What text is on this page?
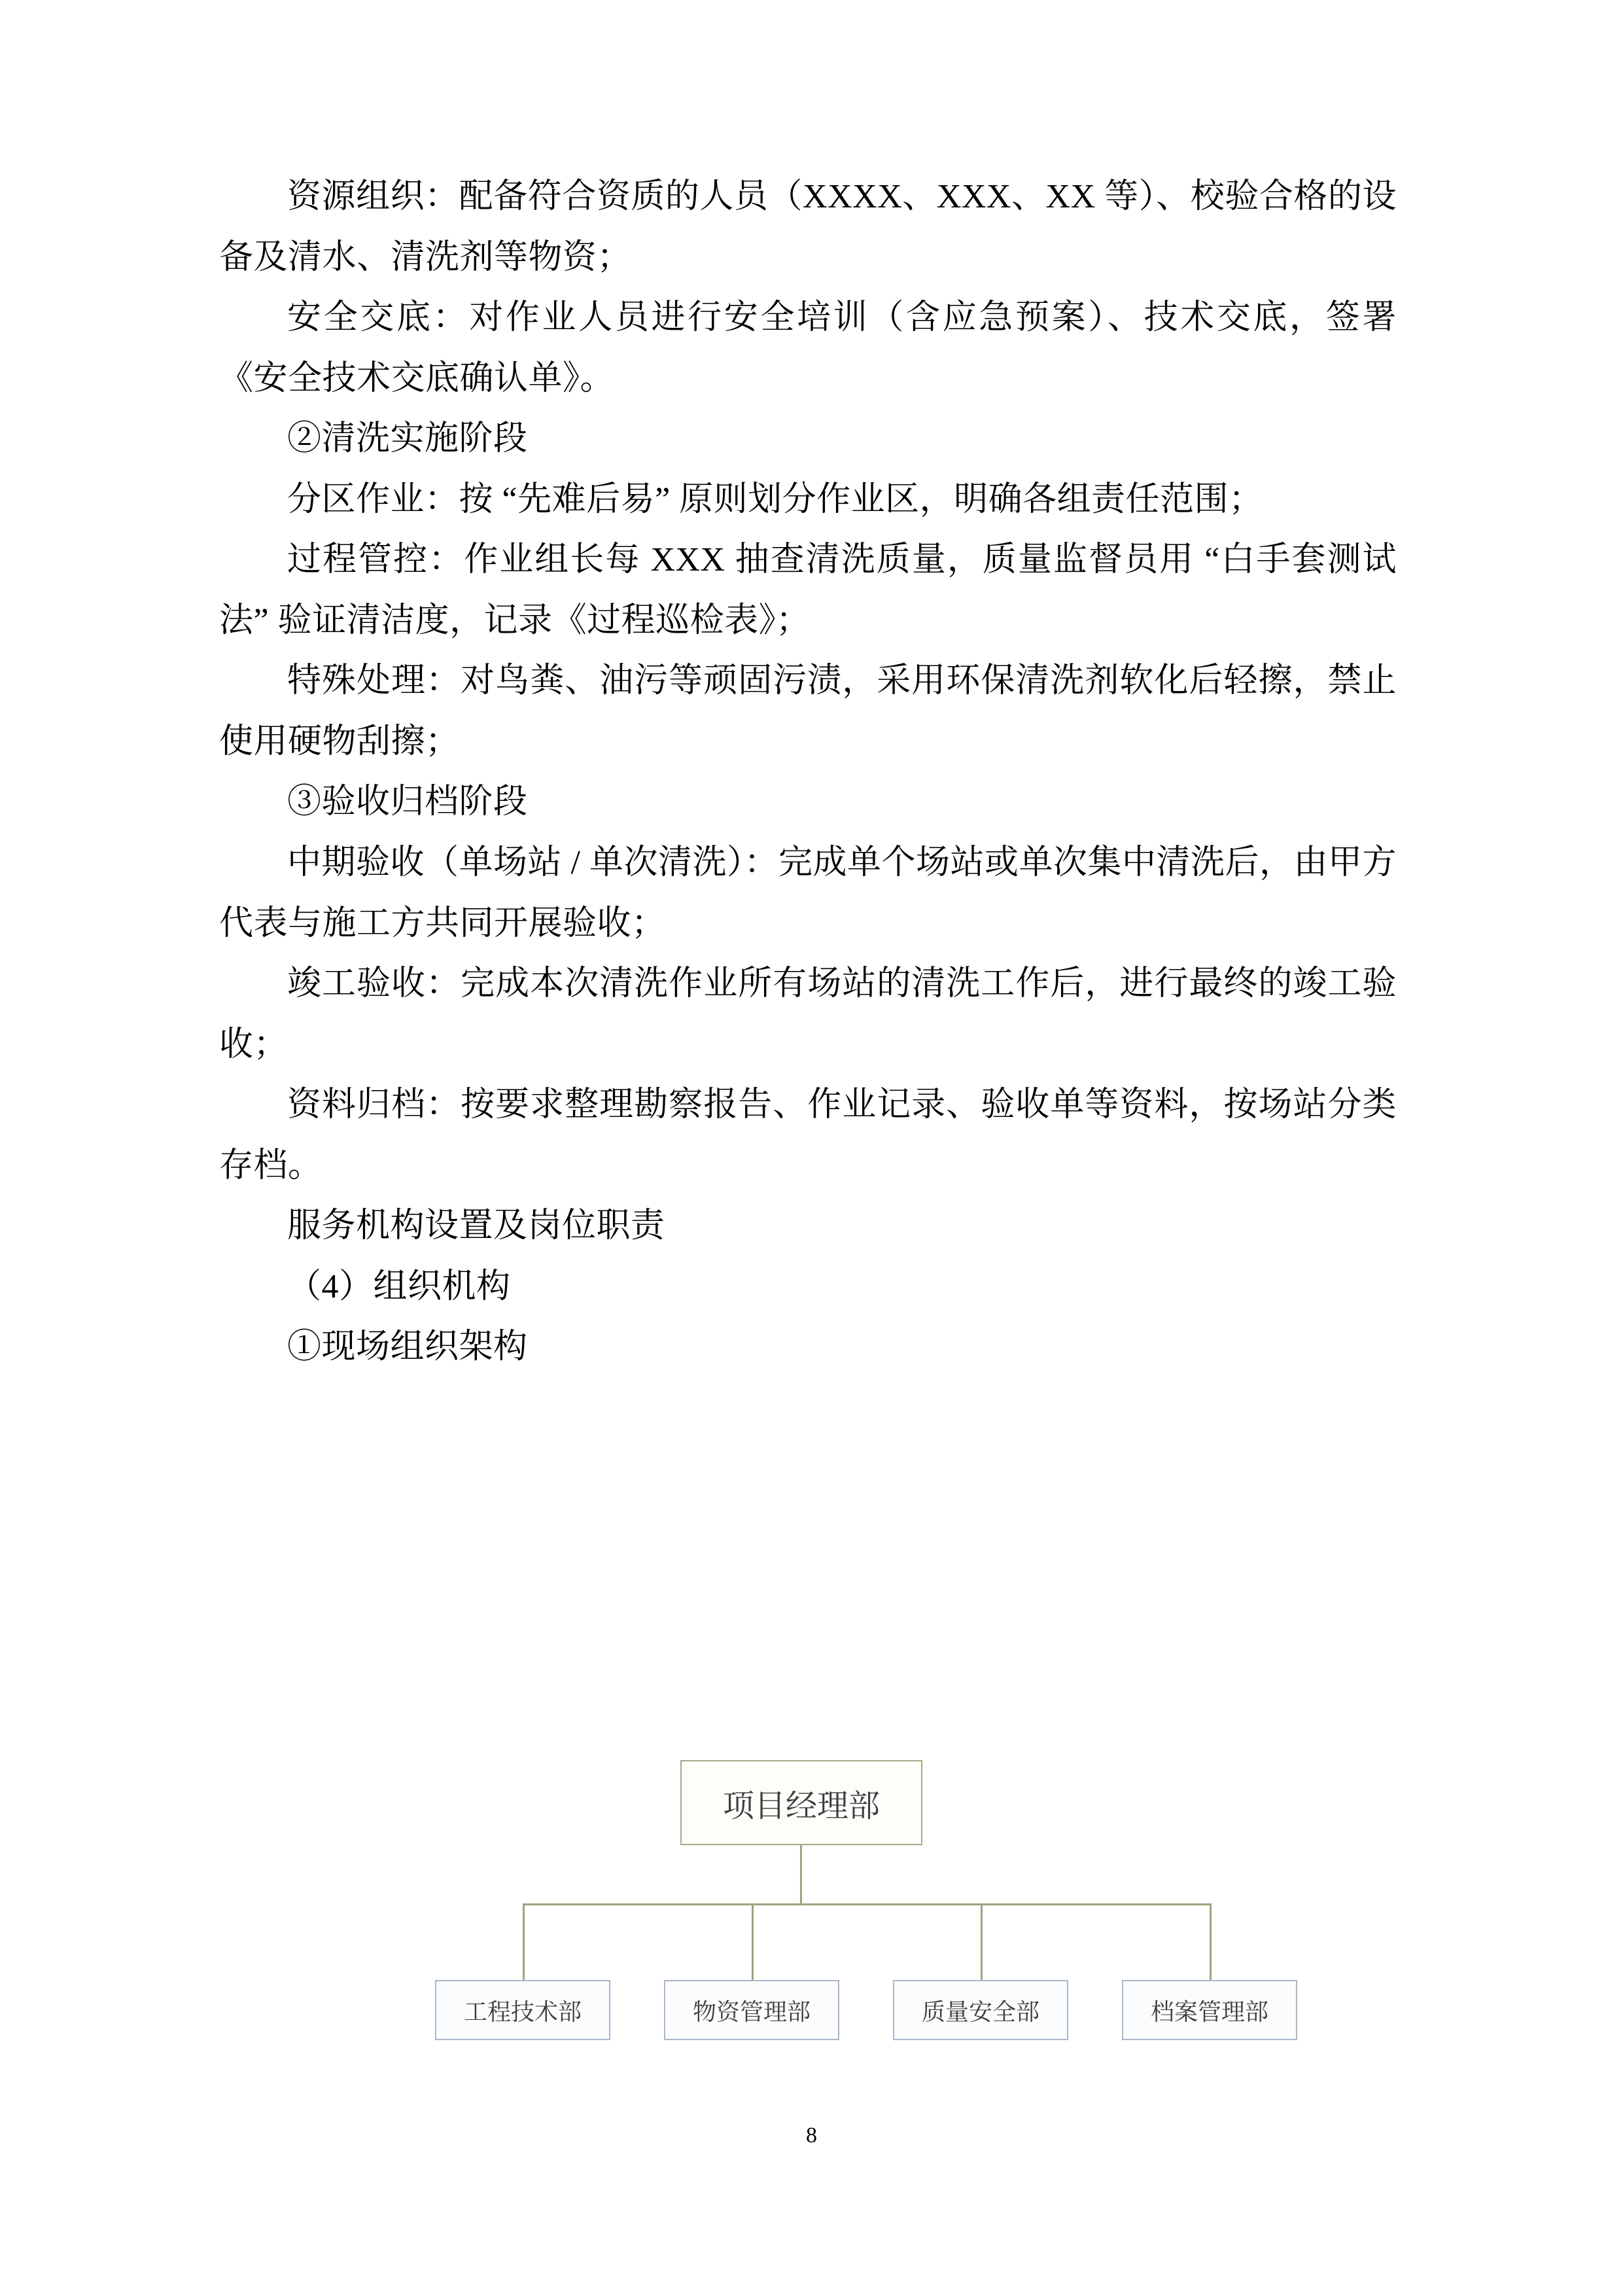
资源组织：配备符合资质的人员（XXXX、XXX、XX 等）、校验合格的设备及清水、清洗剂等物资；

安全交底：对作业人员进行安全培训（含应急预案）、技术交底，签署《安全技术交底确认单》。

②清洗实施阶段

分区作业：按 “先难后易” 原则划分作业区，明确各组责任范围；

过程管控：作业组长每 XXX 抽查清洗质量，质量监督员用 “白手套测试法” 验证清洁度，记录《过程巡检表》；

特殊处理：对鸟粪、油污等顽固污渍，采用环保清洗剂软化后轻擦，禁止使用硬物刮擦；

③验收归档阶段

中期验收（单场站 / 单次清洗）：完成单个场站或单次集中清洗后，由甲方代表与施工方共同开展验收；

竣工验收：完成本次清洗作业所有场站的清洗工作后，进行最终的竣工验收；

资料归档：按要求整理勘察报告、作业记录、验收单等资料，按场站分类存档。

服务机构设置及岗位职责

（4）组织机构

①现场组织架构

项目经理部
工程技术部	物资管理部	质量安全部	档案管理部
8
